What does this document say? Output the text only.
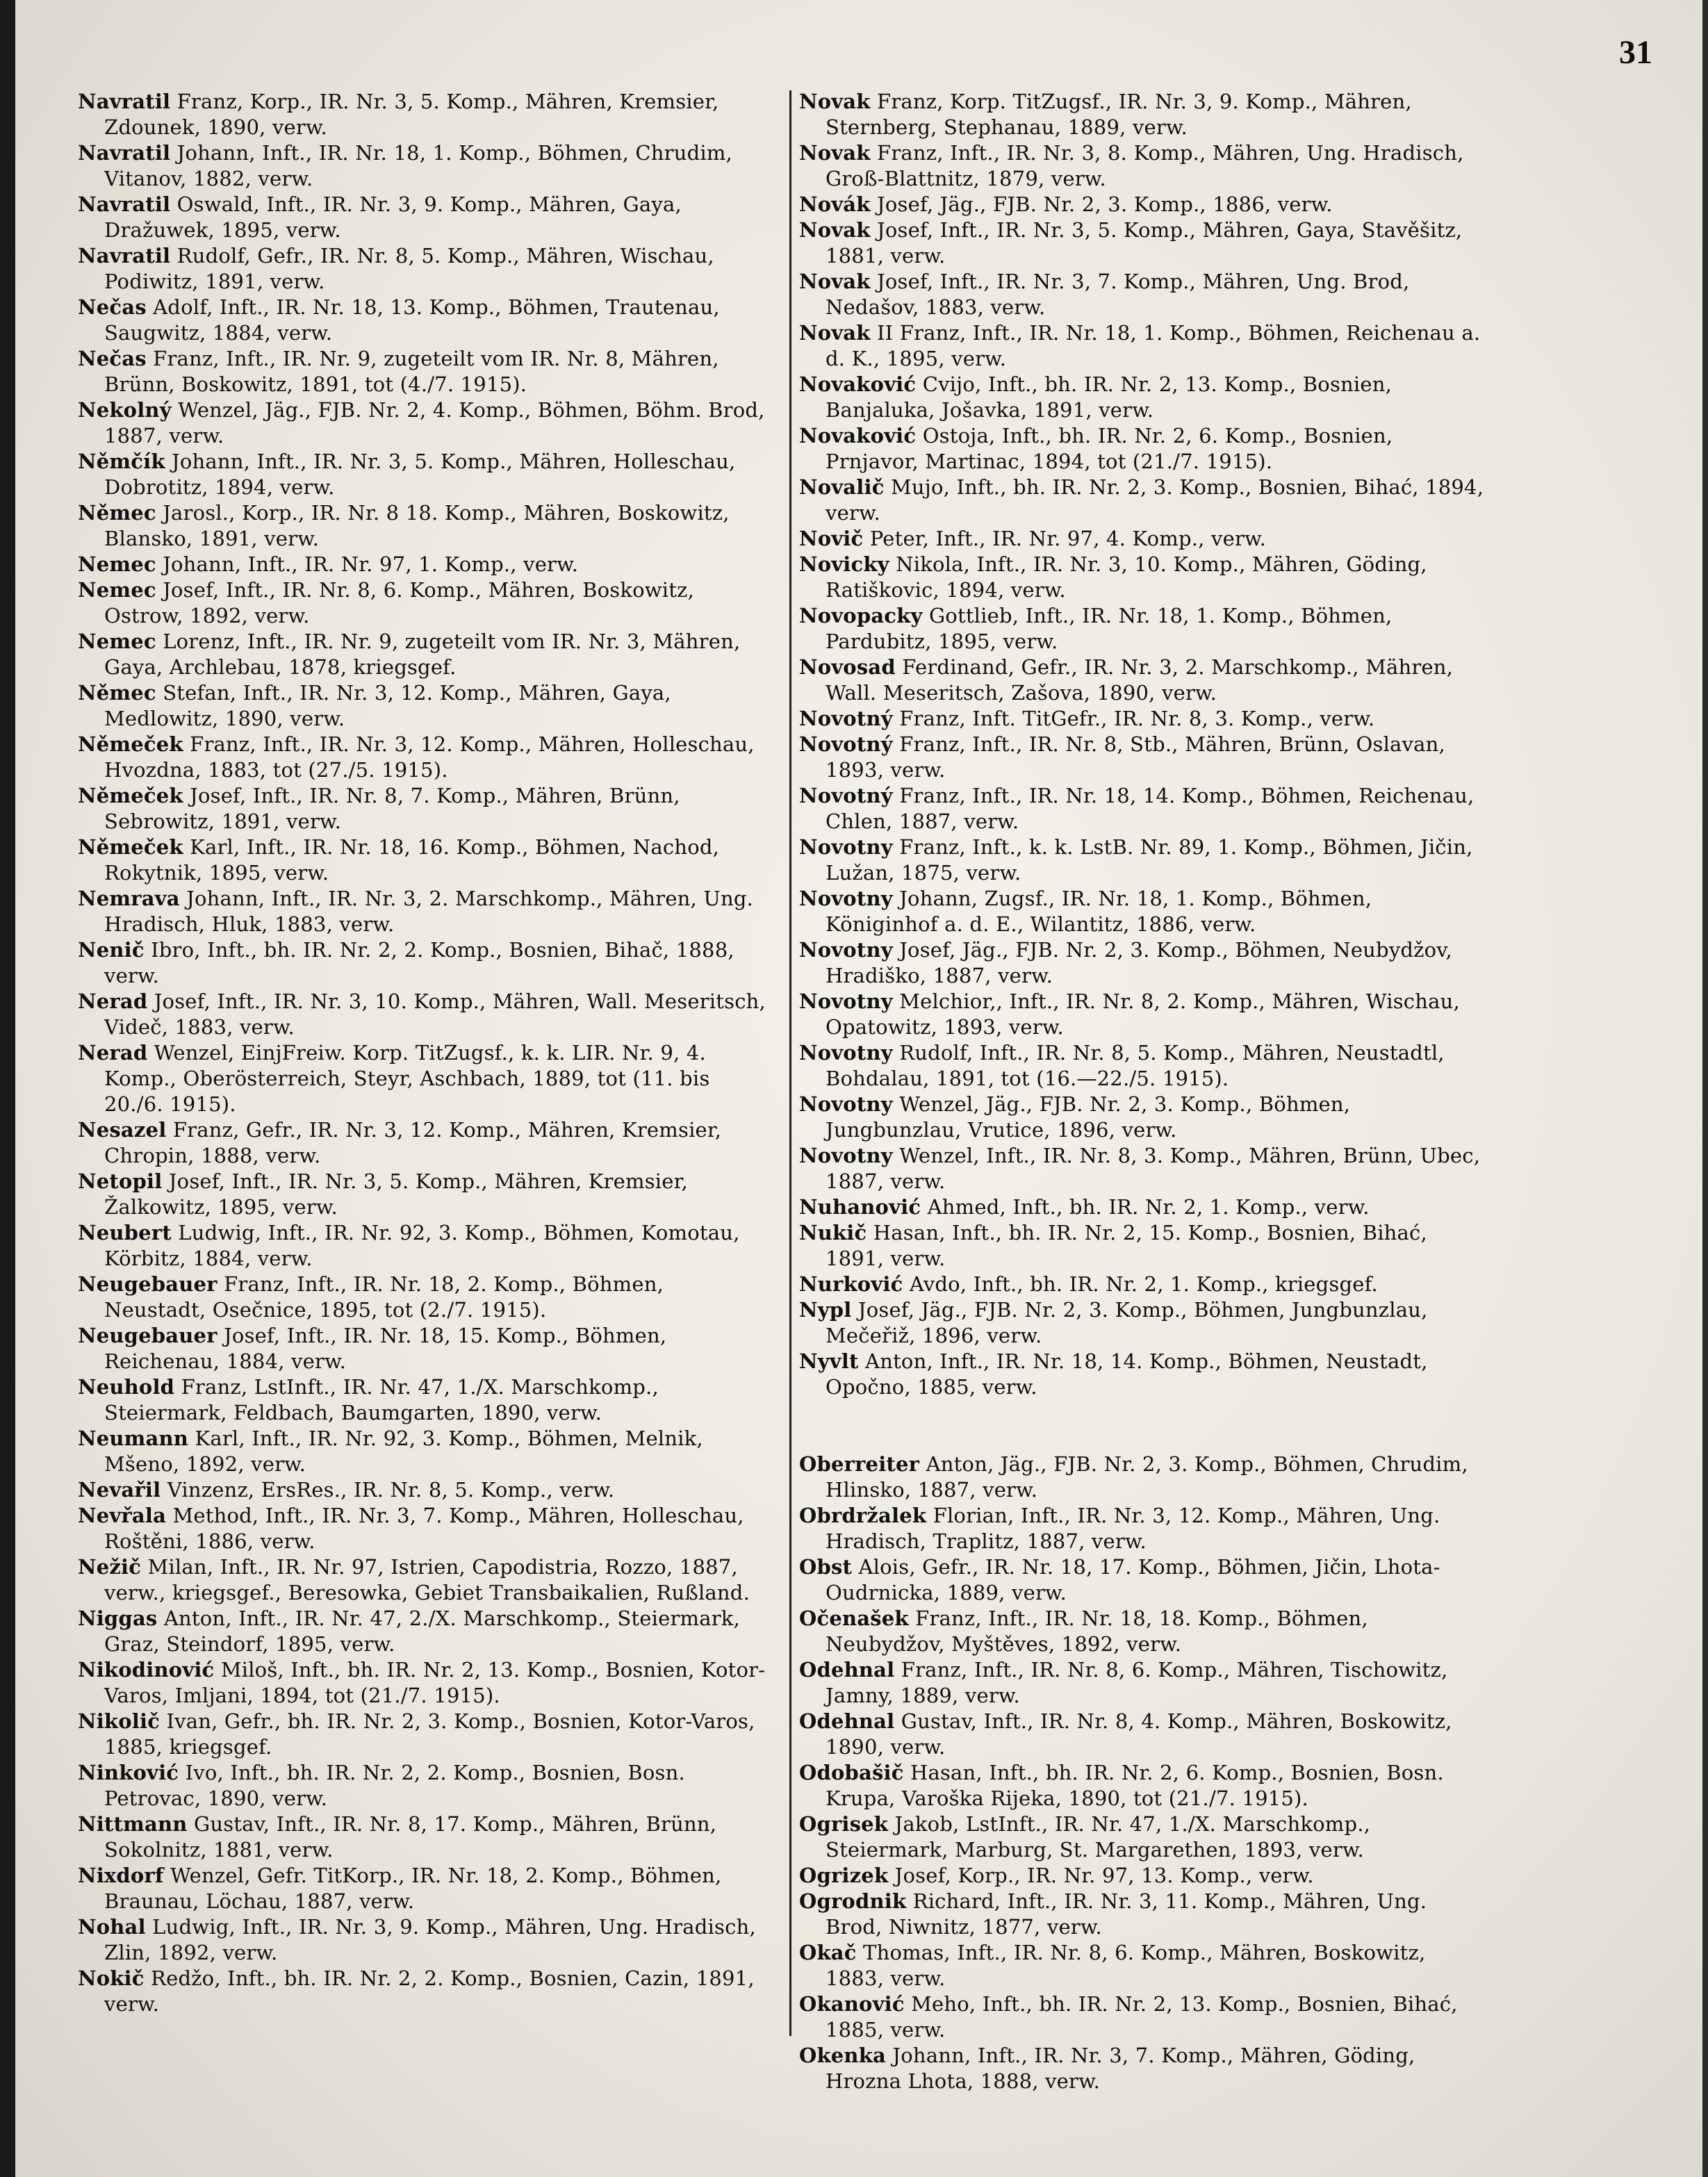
31

Navratil Franz, Korp., IR. Nr. 3, 5. Komp., Mähren, Kremsier, Zdounek, 1890, verw.

Navratil Johann, Inft., IR. Nr. 18, 1. Komp., Böhmen, Chrudim, Vitanov, 1882, verw.

Navratil Oswald, Inft., IR. Nr. 3, 9. Komp., Mähren, Gaya, Dražuwek, 1895, verw.

Navratil Rudolf, Gefr., IR. Nr. 8, 5. Komp., Mähren, Wischau, Podiwitz, 1891, verw.

Nečas Adolf, Inft., IR. Nr. 18, 13. Komp., Böhmen, Trautenau, Saugwitz, 1884, verw.

Nečas Franz, Inft., IR. Nr. 9, zugeteilt vom IR. Nr. 8, Mähren, Brünn, Boskowitz, 1891, tot (4./7. 1915).

Nekolný Wenzel, Jäg., FJB. Nr. 2, 4. Komp., Böhmen, Böhm. Brod, 1887, verw.

Němčík Johann, Inft., IR. Nr. 3, 5. Komp., Mähren, Holleschau, Dobrotitz, 1894, verw.

Němec Jarosl., Korp., IR. Nr. 8 18. Komp., Mähren, Boskowitz, Blansko, 1891, verw.

Nemec Johann, Inft., IR. Nr. 97, 1. Komp., verw.

Nemec Josef, Inft., IR. Nr. 8, 6. Komp., Mähren, Boskowitz, Ostrow, 1892, verw.

Nemec Lorenz, Inft., IR. Nr. 9, zugeteilt vom IR. Nr. 3, Mähren, Gaya, Archlebau, 1878, kriegsgef.

Němec Stefan, Inft., IR. Nr. 3, 12. Komp., Mähren, Gaya, Medlowitz, 1890, verw.

Němeček Franz, Inft., IR. Nr. 3, 12. Komp., Mähren, Holleschau, Hvozdna, 1883, tot (27./5. 1915).

Němeček Josef, Inft., IR. Nr. 8, 7. Komp., Mähren, Brünn, Sebrowitz, 1891, verw.

Němeček Karl, Inft., IR. Nr. 18, 16. Komp., Böhmen, Nachod, Rokytnik, 1895, verw.

Nemrava Johann, Inft., IR. Nr. 3, 2. Marschkomp., Mähren, Ung. Hradisch, Hluk, 1883, verw.

Nenič Ibro, Inft., bh. IR. Nr. 2, 2. Komp., Bosnien, Bihač, 1888, verw.

Nerad Josef, Inft., IR. Nr. 3, 10. Komp., Mähren, Wall. Meseritsch, Videč, 1883, verw.

Nerad Wenzel, EinjFreiw. Korp. TitZugsf., k. k. LIR. Nr. 9, 4. Komp., Oberösterreich, Steyr, Aschbach, 1889, tot (11. bis 20./6. 1915).

Nesazel Franz, Gefr., IR. Nr. 3, 12. Komp., Mähren, Kremsier, Chropin, 1888, verw.

Netopil Josef, Inft., IR. Nr. 3, 5. Komp., Mähren, Kremsier, Žalkowitz, 1895, verw.

Neubert Ludwig, Inft., IR. Nr. 92, 3. Komp., Böhmen, Komotau, Körbitz, 1884, verw.

Neugebauer Franz, Inft., IR. Nr. 18, 2. Komp., Böhmen, Neustadt, Osečnice, 1895, tot (2./7. 1915).

Neugebauer Josef, Inft., IR. Nr. 18, 15. Komp., Böhmen, Reichenau, 1884, verw.

Neuhold Franz, LstInft., IR. Nr. 47, 1./X. Marschkomp., Steiermark, Feldbach, Baumgarten, 1890, verw.

Neumann Karl, Inft., IR. Nr. 92, 3. Komp., Böhmen, Melnik, Mšeno, 1892, verw.

Nevařil Vinzenz, ErsRes., IR. Nr. 8, 5. Komp., verw.

Nevřala Method, Inft., IR. Nr. 3, 7. Komp., Mähren, Holleschau, Roštěni, 1886, verw.

Nežič Milan, Inft., IR. Nr. 97, Istrien, Capodistria, Rozzo, 1887, verw., kriegsgef., Beresowka, Gebiet Transbaikalien, Rußland.

Niggas Anton, Inft., IR. Nr. 47, 2./X. Marschkomp., Steiermark, Graz, Steindorf, 1895, verw.

Nikodinović Miloš, Inft., bh. IR. Nr. 2, 13. Komp., Bosnien, Kotor-Varos, Imljani, 1894, tot (21./7. 1915).

Nikolič Ivan, Gefr., bh. IR. Nr. 2, 3. Komp., Bosnien, Kotor-Varos, 1885, kriegsgef.

Ninković Ivo, Inft., bh. IR. Nr. 2, 2. Komp., Bosnien, Bosn. Petrovac, 1890, verw.

Nittmann Gustav, Inft., IR. Nr. 8, 17. Komp., Mähren, Brünn, Sokolnitz, 1881, verw.

Nixdorf Wenzel, Gefr. TitKorp., IR. Nr. 18, 2. Komp., Böhmen, Braunau, Löchau, 1887, verw.

Nohal Ludwig, Inft., IR. Nr. 3, 9. Komp., Mähren, Ung. Hradisch, Zlin, 1892, verw.

Nokič Redžo, Inft., bh. IR. Nr. 2, 2. Komp., Bosnien, Cazin, 1891, verw.

Novak Franz, Korp. TitZugsf., IR. Nr. 3, 9. Komp., Mähren, Sternberg, Stephanau, 1889, verw.

Novak Franz, Inft., IR. Nr. 3, 8. Komp., Mähren, Ung. Hradisch, Groß-Blattnitz, 1879, verw.

Novák Josef, Jäg., FJB. Nr. 2, 3. Komp., 1886, verw.

Novak Josef, Inft., IR. Nr. 3, 5. Komp., Mähren, Gaya, Stavěšitz, 1881, verw.

Novak Josef, Inft., IR. Nr. 3, 7. Komp., Mähren, Ung. Brod, Nedašov, 1883, verw.

Novak II Franz, Inft., IR. Nr. 18, 1. Komp., Böhmen, Reichenau a. d. K., 1895, verw.

Novaković Cvijo, Inft., bh. IR. Nr. 2, 13. Komp., Bosnien, Banjaluka, Jošavka, 1891, verw.

Novaković Ostoja, Inft., bh. IR. Nr. 2, 6. Komp., Bosnien, Prnjavor, Martinac, 1894, tot (21./7. 1915).

Novalič Mujo, Inft., bh. IR. Nr. 2, 3. Komp., Bosnien, Bihać, 1894, verw.

Novič Peter, Inft., IR. Nr. 97, 4. Komp., verw.

Novicky Nikola, Inft., IR. Nr. 3, 10. Komp., Mähren, Göding, Ratiškovic, 1894, verw.

Novopacky Gottlieb, Inft., IR. Nr. 18, 1. Komp., Böhmen, Pardubitz, 1895, verw.

Novosad Ferdinand, Gefr., IR. Nr. 3, 2. Marschkomp., Mähren, Wall. Meseritsch, Zašova, 1890, verw.

Novotný Franz, Inft. TitGefr., IR. Nr. 8, 3. Komp., verw.

Novotný Franz, Inft., IR. Nr. 8, Stb., Mähren, Brünn, Oslavan, 1893, verw.

Novotný Franz, Inft., IR. Nr. 18, 14. Komp., Böhmen, Reichenau, Chlen, 1887, verw.

Novotny Franz, Inft., k. k. LstB. Nr. 89, 1. Komp., Böhmen, Jičin, Lužan, 1875, verw.

Novotny Johann, Zugsf., IR. Nr. 18, 1. Komp., Böhmen, Königinhof a. d. E., Wilantitz, 1886, verw.

Novotny Josef, Jäg., FJB. Nr. 2, 3. Komp., Böhmen, Neubydžov, Hradiško, 1887, verw.

Novotny Melchior,, Inft., IR. Nr. 8, 2. Komp., Mähren, Wischau, Opatowitz, 1893, verw.

Novotny Rudolf, Inft., IR. Nr. 8, 5. Komp., Mähren, Neustadtl, Bohdalau, 1891, tot (16.—22./5. 1915).

Novotny Wenzel, Jäg., FJB. Nr. 2, 3. Komp., Böhmen, Jungbunzlau, Vrutice, 1896, verw.

Novotny Wenzel, Inft., IR. Nr. 8, 3. Komp., Mähren, Brünn, Ubec, 1887, verw.

Nuhanović Ahmed, Inft., bh. IR. Nr. 2, 1. Komp., verw.

Nukič Hasan, Inft., bh. IR. Nr. 2, 15. Komp., Bosnien, Bihać, 1891, verw.

Nurković Avdo, Inft., bh. IR. Nr. 2, 1. Komp., kriegsgef.

Nypl Josef, Jäg., FJB. Nr. 2, 3. Komp., Böhmen, Jungbunzlau, Mečeřiž, 1896, verw.

Nyvlt Anton, Inft., IR. Nr. 18, 14. Komp., Böhmen, Neustadt, Opočno, 1885, verw.

Oberreiter Anton, Jäg., FJB. Nr. 2, 3. Komp., Böhmen, Chrudim, Hlinsko, 1887, verw.

Obrdržalek Florian, Inft., IR. Nr. 3, 12. Komp., Mähren, Ung. Hradisch, Traplitz, 1887, verw.

Obst Alois, Gefr., IR. Nr. 18, 17. Komp., Böhmen, Jičin, Lhota-Oudrnicka, 1889, verw.

Očenašek Franz, Inft., IR. Nr. 18, 18. Komp., Böhmen, Neubydžov, Myštěves, 1892, verw.

Odehnal Franz, Inft., IR. Nr. 8, 6. Komp., Mähren, Tischowitz, Jamny, 1889, verw.

Odehnal Gustav, Inft., IR. Nr. 8, 4. Komp., Mähren, Boskowitz, 1890, verw.

Odobašič Hasan, Inft., bh. IR. Nr. 2, 6. Komp., Bosnien, Bosn. Krupa, Varoška Rijeka, 1890, tot (21./7. 1915).

Ogrisek Jakob, LstInft., IR. Nr. 47, 1./X. Marschkomp., Steiermark, Marburg, St. Margarethen, 1893, verw.

Ogrizek Josef, Korp., IR. Nr. 97, 13. Komp., verw.

Ogrodnik Richard, Inft., IR. Nr. 3, 11. Komp., Mähren, Ung. Brod, Niwnitz, 1877, verw.

Okač Thomas, Inft., IR. Nr. 8, 6. Komp., Mähren, Boskowitz, 1883, verw.

Okanović Meho, Inft., bh. IR. Nr. 2, 13. Komp., Bosnien, Bihać, 1885, verw.

Okenka Johann, Inft., IR. Nr. 3, 7. Komp., Mähren, Göding, Hrozna Lhota, 1888, verw.
